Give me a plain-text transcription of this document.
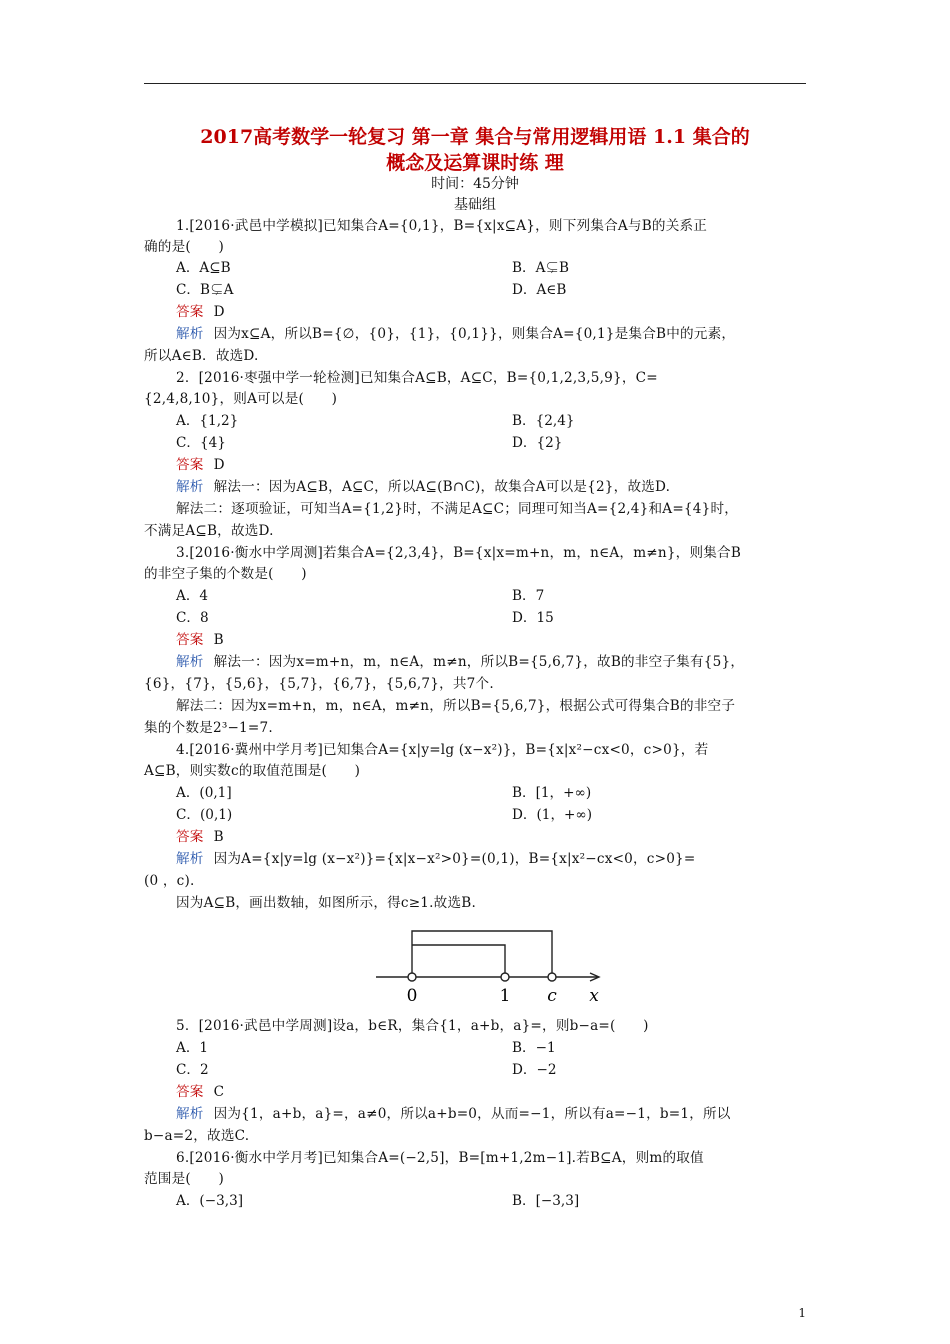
2017高考数学一轮复习 第一章 集合与常用逻辑用语 1.1 集合的
概念及运算课时练 理
时间：45分钟
基础组
1.[2016·武邑中学模拟]已知集合A={0,1}，B={x|x⊆A}，则下列集合A与B的关系正
确的是(　　)
A．A⊆B	B．A⊊B
C．B⊊A	D．A∈B
答案 D
解析 因为x⊆A，所以B={∅，{0}，{1}，{0,1}}，则集合A={0,1}是集合B中的元素，
所以A∈B．故选D.
2．[2016·枣强中学一轮检测]已知集合A⊆B，A⊆C，B={0,1,2,3,5,9}，C=
{2,4,8,10}，则A可以是(　　)
A．{1,2}	B．{2,4}
C．{4}	D．{2}
答案 D
解析 解法一：因为A⊆B，A⊆C，所以A⊆(B∩C)，故集合A可以是{2}，故选D.
解法二：逐项验证，可知当A={1,2}时，不满足A⊆C；同理可知当A={2,4}和A={4}时，
不满足A⊆B，故选D.
3.[2016·衡水中学周测]若集合A={2,3,4}，B={x|x=m+n，m，n∈A，m≠n}，则集合B
的非空子集的个数是(　　)
A．4	B．7
C．8	D．15
答案 B
解析 解法一：因为x=m+n，m，n∈A，m≠n，所以B={5,6,7}，故B的非空子集有{5}，
{6}，{7}，{5,6}，{5,7}，{6,7}，{5,6,7}，共7个.
解法二：因为x=m+n，m，n∈A，m≠n，所以B={5,6,7}，根据公式可得集合B的非空子
集的个数是2³−1=7.
4.[2016·冀州中学月考]已知集合A={x|y=lg (x−x²)}，B={x|x²−cx<0，c>0}，若
A⊆B，则实数c的取值范围是(　　)
A．(0,1]	B．[1，+∞)
C．(0,1)	D．(1，+∞)
答案 B
解析 因为A={x|y=lg (x−x²)}={x|x−x²>0}=(0,1)，B={x|x²−cx<0，c>0}=
(0 ，c).
因为A⊆B，画出数轴，如图所示，得c≥1.故选B.
0	1 c x
5．[2016·武邑中学周测]设a，b∈R，集合{1，a+b，a}=，则b−a=(　　)
A．1	B．−1
C．2	D．−2
答案 C
解析 因为{1，a+b，a}=，a≠0，所以a+b=0，从而=−1，所以有a=−1，b=1，所以
b−a=2，故选C.
6.[2016·衡水中学月考]已知集合A=(−2,5]，B=[m+1,2m−1].若B⊆A，则m的取值
范围是(　　)
A．(−3,3]	B．[−3,3]
1
